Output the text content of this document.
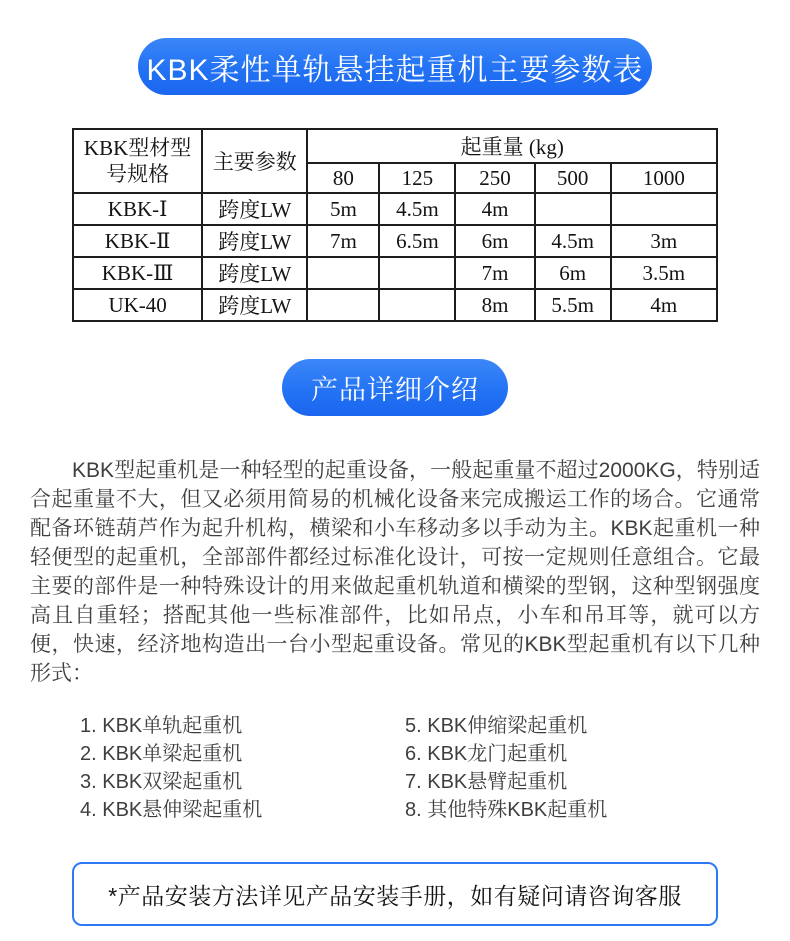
KBK柔性单轨悬挂起重机主要参数表
KBK型材型号规格	主要参数	起重量 (kg)				
		80	125	250	500	1000
KBK-Ⅰ	跨度LW	5m	4.5m	4m		
KBK-Ⅱ	跨度LW	7m	6.5m	6m	4.5m	3m
KBK-Ⅲ	跨度LW			7m	6m	3.5m
UK-40	跨度LW			8m	5.5m	4m
产品详细介绍

KBK型起重机是一种轻型的起重设备，一般起重量不超过2000KG，特别适合起重量不大，但又必须用简易的机械化设备来完成搬运工作的场合。它通常配备环链葫芦作为起升机构，横梁和小车移动多以手动为主。KBK起重机一种轻便型的起重机，全部部件都经过标准化设计，可按一定规则任意组合。它最主要的部件是一种特殊设计的用来做起重机轨道和横梁的型钢，这种型钢强度高且自重轻；搭配其他一些标准部件，比如吊点，小车和吊耳等，就可以方便，快速，经济地构造出一台小型起重设备。常见的KBK型起重机有以下几种形式：

1. KBK单轨起重机
2. KBK单梁起重机
3. KBK双梁起重机
4. KBK悬伸梁起重机
5. KBK伸缩梁起重机
6. KBK龙门起重机
7. KBK悬臂起重机
8. 其他特殊KBK起重机
*产品安装方法详见产品安装手册，如有疑问请咨询客服
